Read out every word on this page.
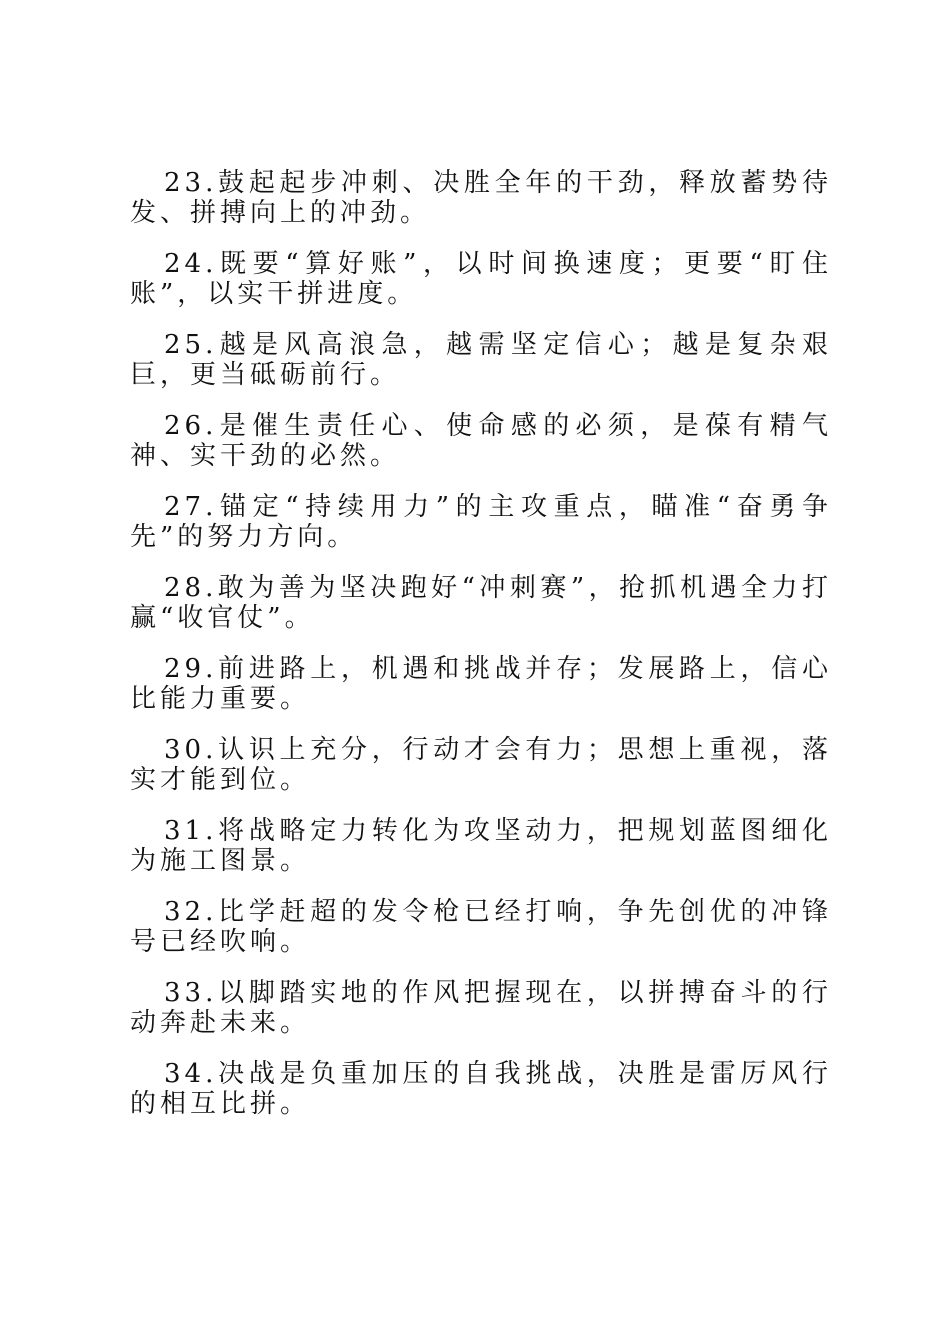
23.鼓起起步冲刺、决胜全年的干劲，释放蓄势待发、拼搏向上的冲劲。

24.既要“算好账”，以时间换速度；更要“盯住账”，以实干拼进度。

25.越是风高浪急，越需坚定信心；越是复杂艰巨，更当砥砺前行。

26.是催生责任心、使命感的必须，是葆有精气神、实干劲的必然。

27.锚定“持续用力”的主攻重点，瞄准“奋勇争先”的努力方向。

28.敢为善为坚决跑好“冲刺赛”，抢抓机遇全力打赢“收官仗”。

29.前进路上，机遇和挑战并存；发展路上，信心比能力重要。

30.认识上充分，行动才会有力；思想上重视，落实才能到位。

31.将战略定力转化为攻坚动力，把规划蓝图细化为施工图景。

32.比学赶超的发令枪已经打响，争先创优的冲锋号已经吹响。

33.以脚踏实地的作风把握现在，以拼搏奋斗的行动奔赴未来。

34.决战是负重加压的自我挑战，决胜是雷厉风行的相互比拼。
